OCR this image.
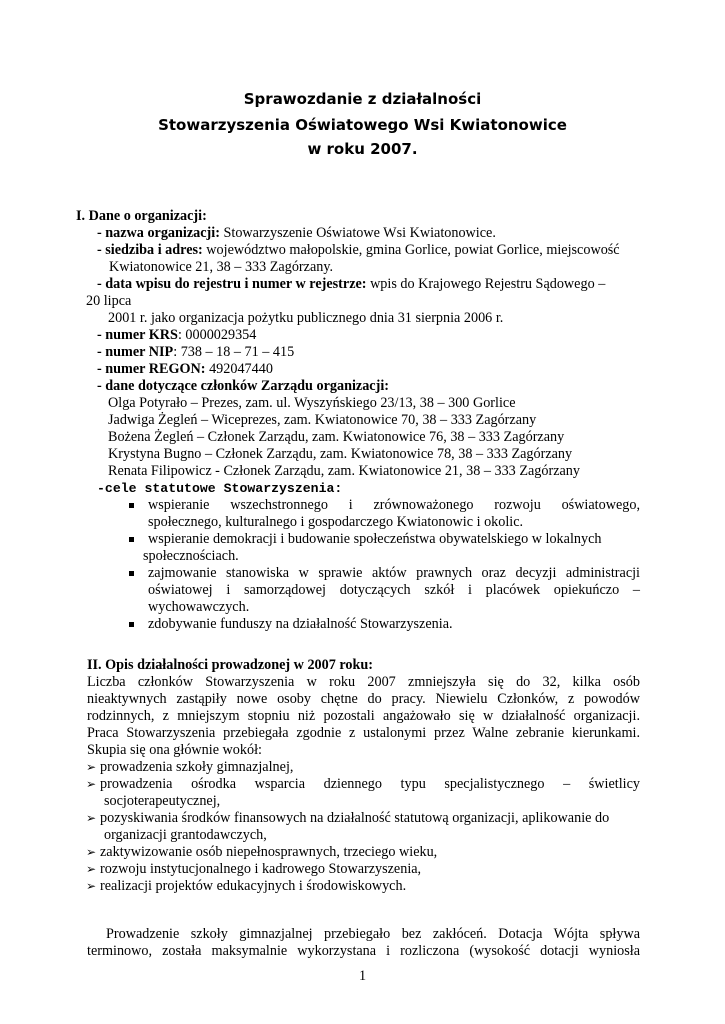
Sprawozdanie z działalności
Stowarzyszenia Oświatowego Wsi Kwiatonowice
w roku 2007.
I. Dane o organizacji:
- nazwa organizacji: Stowarzyszenie Oświatowe Wsi Kwiatonowice.
- siedziba i adres: województwo małopolskie, gmina Gorlice, powiat Gorlice, miejscowość
Kwiatonowice 21, 38 – 333 Zagórzany.
- data wpisu do rejestru i numer w rejestrze: wpis do Krajowego Rejestru Sądowego –
20 lipca
2001 r. jako organizacja pożytku publicznego dnia 31 sierpnia 2006 r.
- numer KRS: 0000029354
- numer NIP: 738 – 18 – 71 – 415
- numer REGON: 492047440
- dane dotyczące członków Zarządu organizacji:
Olga Potyrało – Prezes, zam. ul. Wyszyńskiego 23/13, 38 – 300 Gorlice
Jadwiga Żegleń – Wiceprezes, zam. Kwiatonowice 70, 38 – 333 Zagórzany
Bożena Żegleń – Członek Zarządu, zam. Kwiatonowice 76, 38 – 333 Zagórzany
Krystyna Bugno – Członek Zarządu, zam. Kwiatonowice 78, 38 – 333 Zagórzany
Renata Filipowicz - Członek Zarządu, zam. Kwiatonowice 21, 38 – 333 Zagórzany
-cele statutowe Stowarzyszenia:
wspieranie wszechstronnego i zrównoważonego rozwoju oświatowego,
społecznego, kulturalnego i gospodarczego Kwiatonowic i okolic.
wspieranie demokracji i budowanie społeczeństwa obywatelskiego w lokalnych
społecznościach.
zajmowanie stanowiska w sprawie aktów prawnych oraz decyzji administracji
oświatowej i samorządowej dotyczących szkół i placówek opiekuńczo –
wychowawczych.
zdobywanie funduszy na działalność Stowarzyszenia.
II. Opis działalności prowadzonej w 2007 roku:
Liczba członków Stowarzyszenia w roku 2007 zmniejszyła się do 32, kilka osób
nieaktywnych zastąpiły nowe osoby chętne do pracy. Niewielu Członków, z powodów
rodzinnych, z mniejszym stopniu niż pozostali angażowało się w działalność organizacji.
Praca Stowarzyszenia przebiegała zgodnie z ustalonymi przez Walne zebranie kierunkami.
Skupia się ona głównie wokół:
➢ prowadzenia szkoły gimnazjalnej,
➢ prowadzenia ośrodka wsparcia dziennego typu specjalistycznego – świetlicy
socjoterapeutycznej,
➢ pozyskiwania środków finansowych na działalność statutową organizacji, aplikowanie do
organizacji grantodawczych,
➢ zaktywizowanie osób niepełnosprawnych, trzeciego wieku,
➢ rozwoju instytucjonalnego i kadrowego Stowarzyszenia,
➢ realizacji projektów edukacyjnych i środowiskowych.
Prowadzenie szkoły gimnazjalnej przebiegało bez zakłóceń. Dotacja Wójta spływa
terminowo, została maksymalnie wykorzystana i rozliczona (wysokość dotacji wyniosła
1
